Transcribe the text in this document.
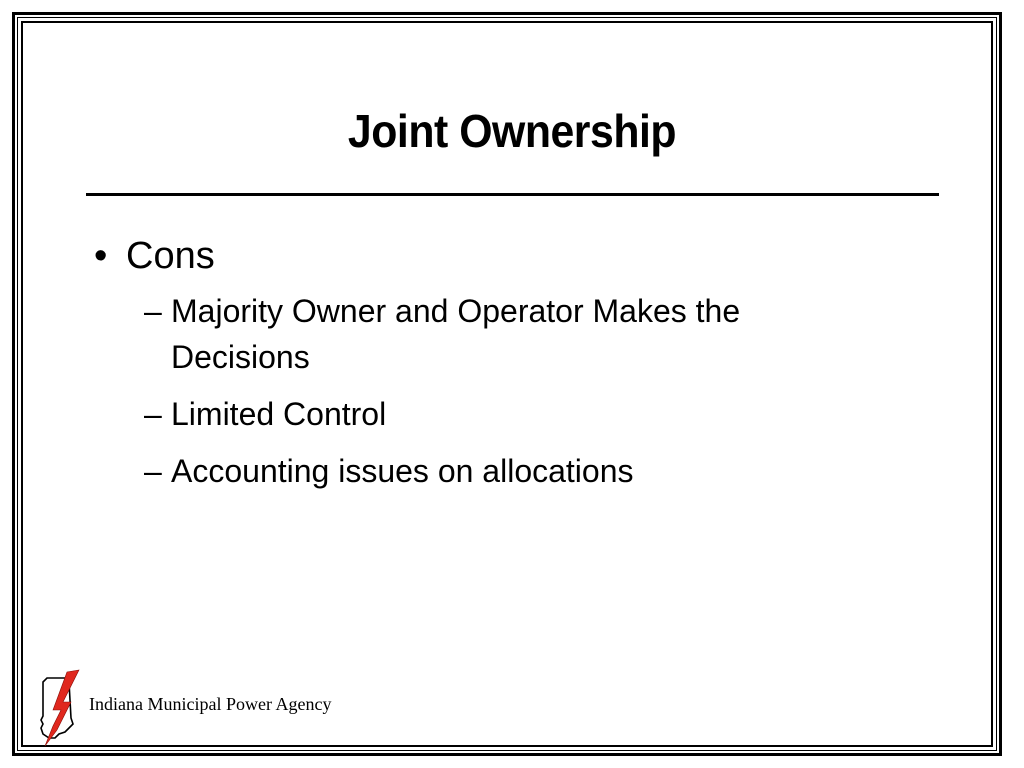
Joint Ownership
• Cons
– Majority Owner and Operator Makes the Decisions
– Limited Control
– Accounting issues on allocations
Indiana Municipal Power Agency
